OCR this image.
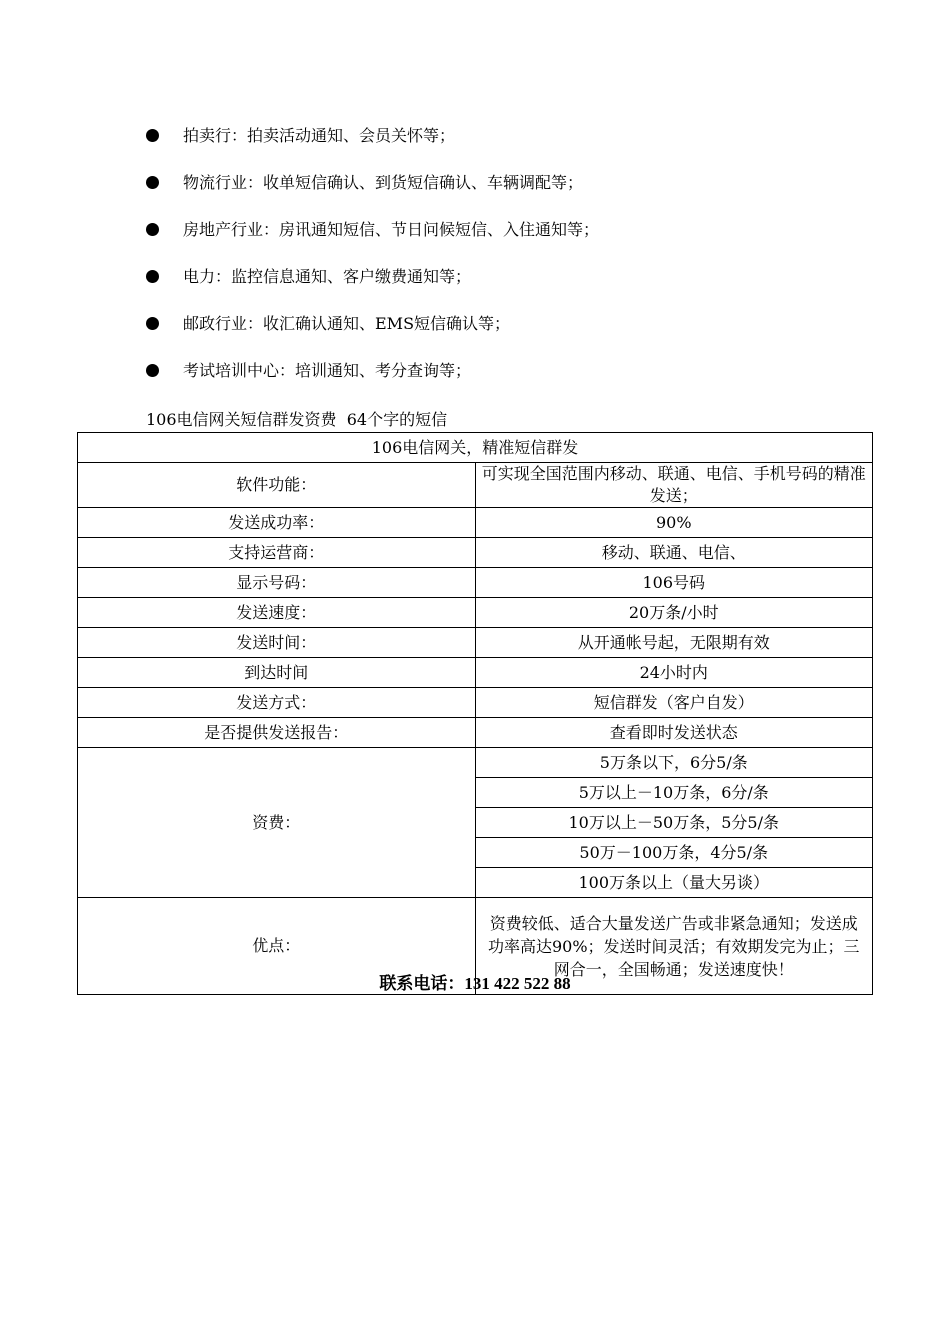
拍卖行：拍卖活动通知、会员关怀等；
物流行业：收单短信确认、到货短信确认、车辆调配等；
房地产行业：房讯通知短信、节日问候短信、入住通知等；
电力：监控信息通知、客户缴费通知等；
邮政行业：收汇确认通知、EMS短信确认等；
考试培训中心：培训通知、考分查询等；
106电信网关短信群发资费  64个字的短信
106电信网关，精准短信群发	
软件功能：	可实现全国范围内移动、联通、电信、手机号码的精准发送；
发送成功率：	90%
支持运营商：	移动、联通、电信、
显示号码：	106号码
发送速度：	20万条/小时
发送时间：	从开通帐号起，无限期有效
到达时间	24小时内
发送方式：	短信群发（客户自发）
是否提供发送报告：	查看即时发送状态
资费：	5万条以下，6分5/条
	5万以上－10万条，6分/条
	10万以上－50万条，5分5/条
	50万－100万条，4分5/条
	100万条以上（量大另谈）
优点：	资费较低、适合大量发送广告或非紧急通知；发送成功率高达90%；发送时间灵活；有效期发完为止；三网合一，全国畅通；发送速度快！
联系电话：131 422 522 88
